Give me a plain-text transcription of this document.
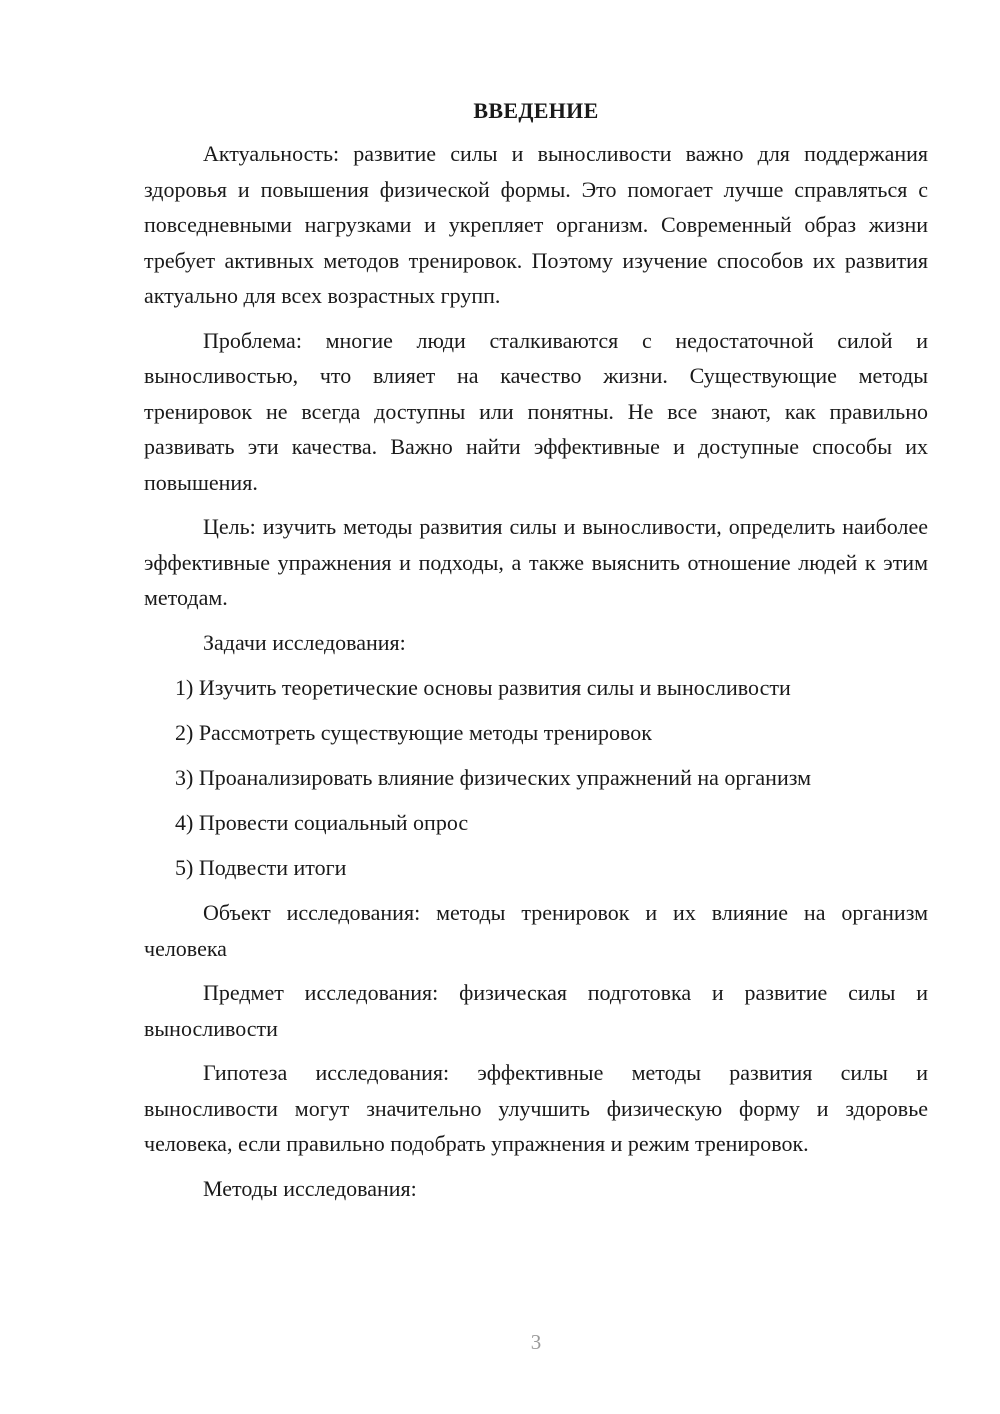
ВВЕДЕНИЕ

Актуальность: развитие силы и выносливости важно для поддержания здоровья и повышения физической формы. Это помогает лучше справляться с повседневными нагрузками и укрепляет организм. Современный образ жизни требует активных методов тренировок. Поэтому изучение способов их развития актуально для всех возрастных групп.

Проблема: многие люди сталкиваются с недостаточной силой и выносливостью, что влияет на качество жизни. Существующие методы тренировок не всегда доступны или понятны. Не все знают, как правильно развивать эти качества. Важно найти эффективные и доступные способы их повышения.

Цель: изучить методы развития силы и выносливости, определить наиболее эффективные упражнения и подходы, а также выяснить отношение людей к этим методам.

Задачи исследования:

1) Изучить теоретические основы развития силы и выносливости
2) Рассмотреть существующие методы тренировок
3) Проанализировать влияние физических упражнений на организм
4) Провести социальный опрос
5) Подвести итоги

Объект исследования: методы тренировок и их влияние на организм человека

Предмет исследования: физическая подготовка и развитие силы и выносливости

Гипотеза исследования: эффективные методы развития силы и выносливости могут значительно улучшить физическую форму и здоровье человека, если правильно подобрать упражнения и режим тренировок.

Методы исследования:

3
